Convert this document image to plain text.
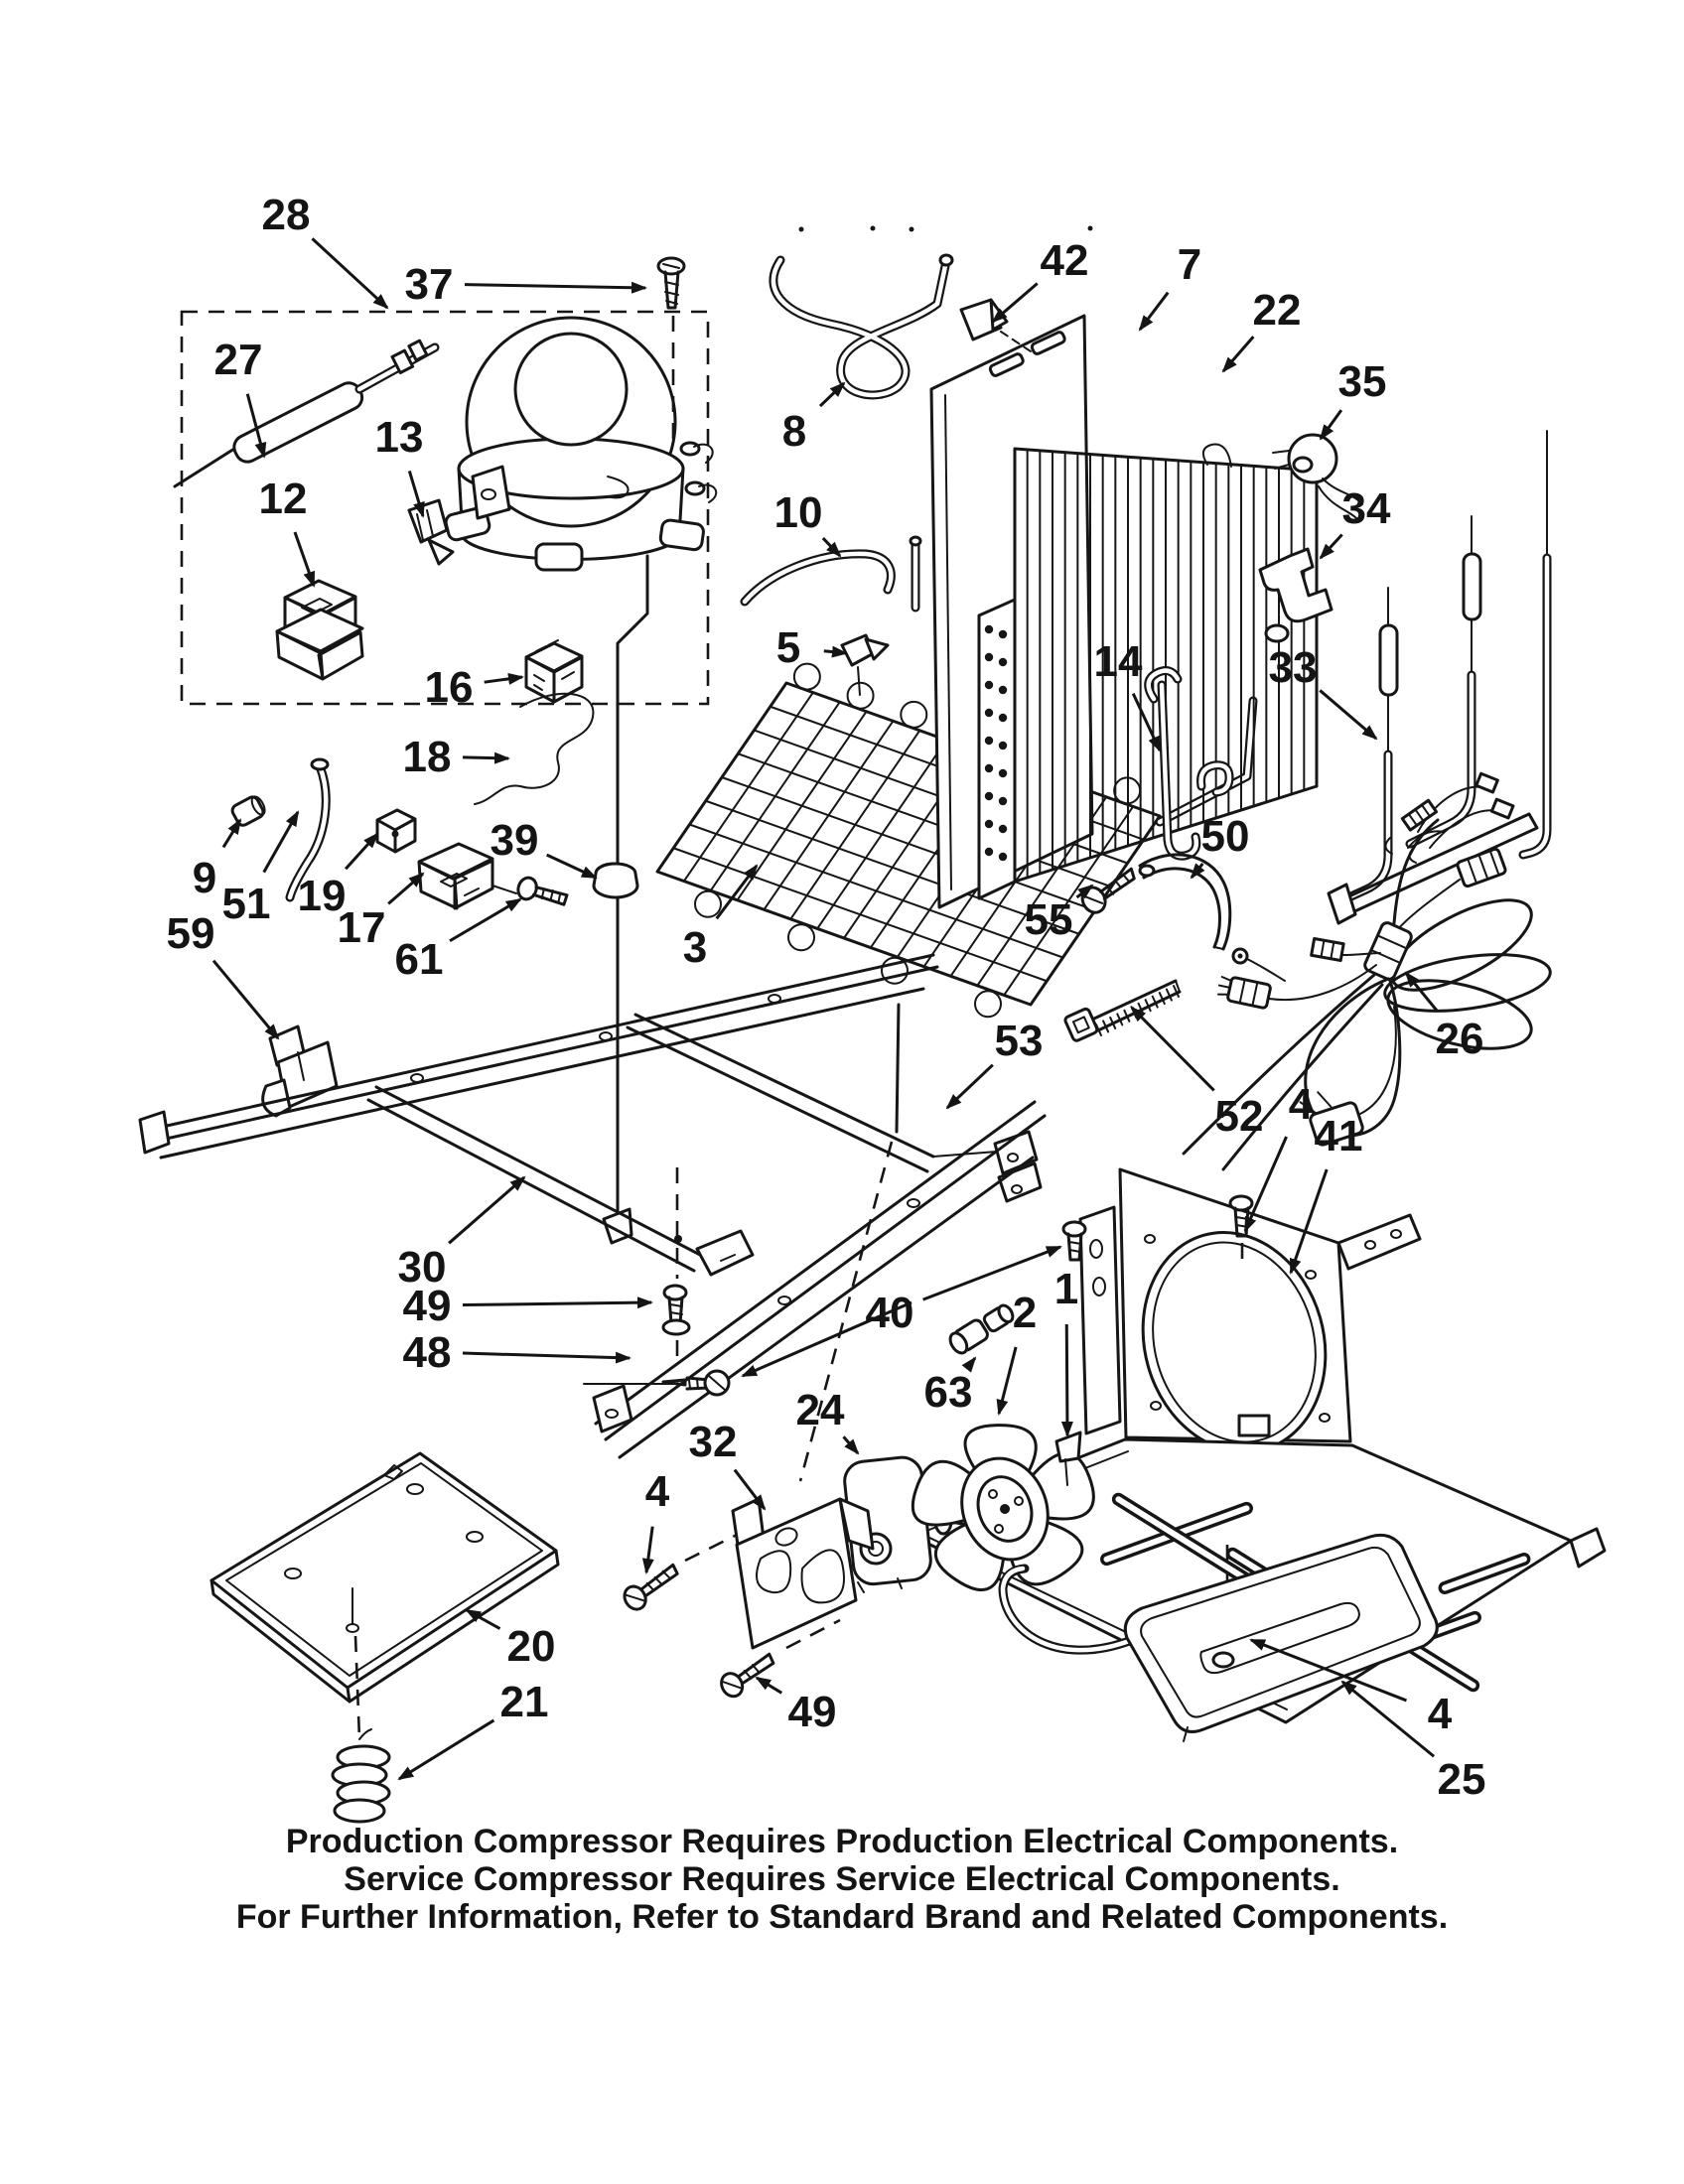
28
37
27
13
12
16
18
9
51 19
17
61
39
59	3
5
8
10
42 7
22
35
34
33
14
50
55
53
52
26
4
41
30
49
48
40
63
2 1
24
32
4
20
21	49	4
25
Production Compressor Requires Production Electrical Components.
Service Compressor Requires Service Electrical Components.
For Further Information, Refer to Standard Brand and Related Components.
